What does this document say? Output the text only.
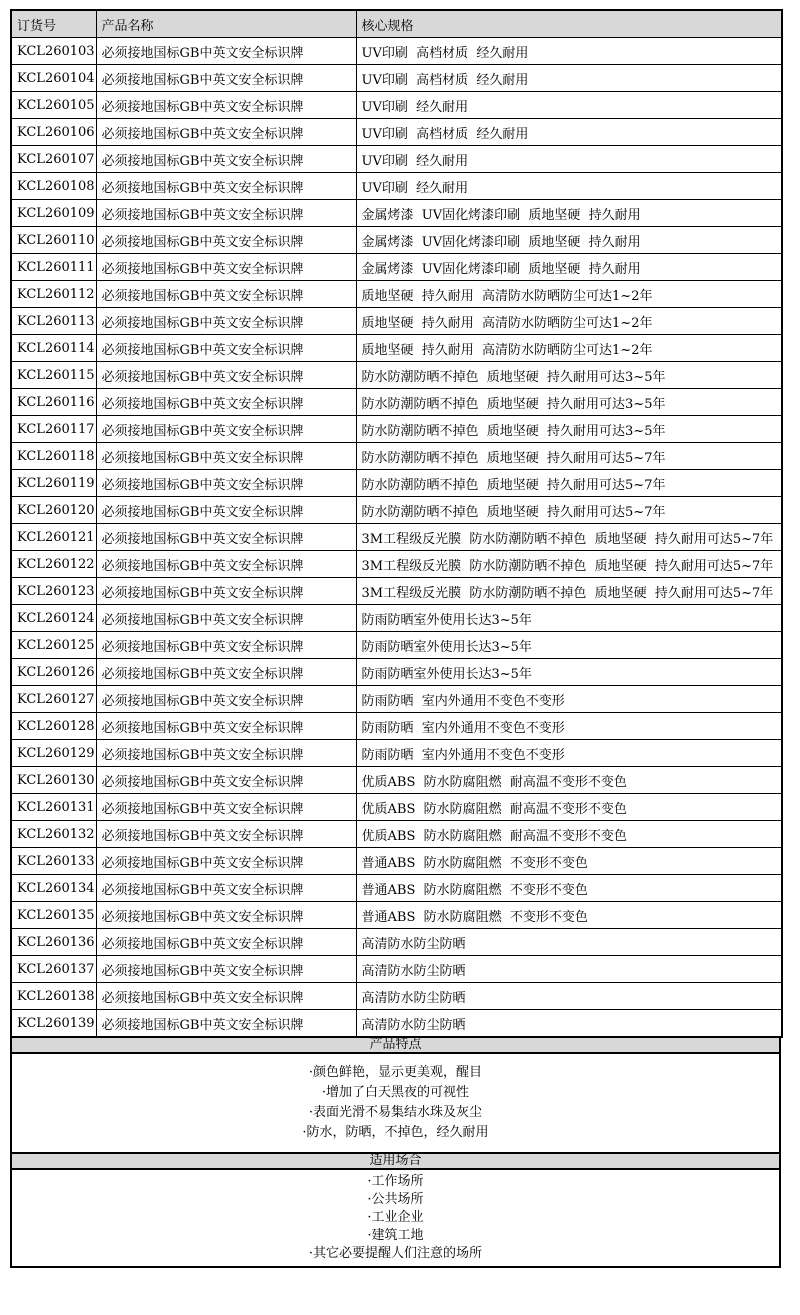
订货号	产品名称	核心规格
KCL260103	必须接地国标GB中英文安全标识牌	UV印刷  高档材质  经久耐用
KCL260104	必须接地国标GB中英文安全标识牌	UV印刷  高档材质  经久耐用
KCL260105	必须接地国标GB中英文安全标识牌	UV印刷  经久耐用
KCL260106	必须接地国标GB中英文安全标识牌	UV印刷  高档材质  经久耐用
KCL260107	必须接地国标GB中英文安全标识牌	UV印刷  经久耐用
KCL260108	必须接地国标GB中英文安全标识牌	UV印刷  经久耐用
KCL260109	必须接地国标GB中英文安全标识牌	金属烤漆  UV固化烤漆印刷  质地坚硬  持久耐用
KCL260110	必须接地国标GB中英文安全标识牌	金属烤漆  UV固化烤漆印刷  质地坚硬  持久耐用
KCL260111	必须接地国标GB中英文安全标识牌	金属烤漆  UV固化烤漆印刷  质地坚硬  持久耐用
KCL260112	必须接地国标GB中英文安全标识牌	质地坚硬  持久耐用  高清防水防晒防尘可达1~2年
KCL260113	必须接地国标GB中英文安全标识牌	质地坚硬  持久耐用  高清防水防晒防尘可达1~2年
KCL260114	必须接地国标GB中英文安全标识牌	质地坚硬  持久耐用  高清防水防晒防尘可达1~2年
KCL260115	必须接地国标GB中英文安全标识牌	防水防潮防晒不掉色  质地坚硬  持久耐用可达3~5年
KCL260116	必须接地国标GB中英文安全标识牌	防水防潮防晒不掉色  质地坚硬  持久耐用可达3~5年
KCL260117	必须接地国标GB中英文安全标识牌	防水防潮防晒不掉色  质地坚硬  持久耐用可达3~5年
KCL260118	必须接地国标GB中英文安全标识牌	防水防潮防晒不掉色  质地坚硬  持久耐用可达5~7年
KCL260119	必须接地国标GB中英文安全标识牌	防水防潮防晒不掉色  质地坚硬  持久耐用可达5~7年
KCL260120	必须接地国标GB中英文安全标识牌	防水防潮防晒不掉色  质地坚硬  持久耐用可达5~7年
KCL260121	必须接地国标GB中英文安全标识牌	3M工程级反光膜  防水防潮防晒不掉色  质地坚硬  持久耐用可达5~7年
KCL260122	必须接地国标GB中英文安全标识牌	3M工程级反光膜  防水防潮防晒不掉色  质地坚硬  持久耐用可达5~7年
KCL260123	必须接地国标GB中英文安全标识牌	3M工程级反光膜  防水防潮防晒不掉色  质地坚硬  持久耐用可达5~7年
KCL260124	必须接地国标GB中英文安全标识牌	防雨防晒室外使用长达3~5年
KCL260125	必须接地国标GB中英文安全标识牌	防雨防晒室外使用长达3~5年
KCL260126	必须接地国标GB中英文安全标识牌	防雨防晒室外使用长达3~5年
KCL260127	必须接地国标GB中英文安全标识牌	防雨防晒  室内外通用不变色不变形
KCL260128	必须接地国标GB中英文安全标识牌	防雨防晒  室内外通用不变色不变形
KCL260129	必须接地国标GB中英文安全标识牌	防雨防晒  室内外通用不变色不变形
KCL260130	必须接地国标GB中英文安全标识牌	优质ABS  防水防腐阻燃  耐高温不变形不变色
KCL260131	必须接地国标GB中英文安全标识牌	优质ABS  防水防腐阻燃  耐高温不变形不变色
KCL260132	必须接地国标GB中英文安全标识牌	优质ABS  防水防腐阻燃  耐高温不变形不变色
KCL260133	必须接地国标GB中英文安全标识牌	普通ABS  防水防腐阻燃  不变形不变色
KCL260134	必须接地国标GB中英文安全标识牌	普通ABS  防水防腐阻燃  不变形不变色
KCL260135	必须接地国标GB中英文安全标识牌	普通ABS  防水防腐阻燃  不变形不变色
KCL260136	必须接地国标GB中英文安全标识牌	高清防水防尘防晒
KCL260137	必须接地国标GB中英文安全标识牌	高清防水防尘防晒
KCL260138	必须接地国标GB中英文安全标识牌	高清防水防尘防晒
KCL260139	必须接地国标GB中英文安全标识牌	高清防水防尘防晒
产品特点
·颜色鲜艳，显示更美观，醒目
·增加了白天黑夜的可视性
·表面光滑不易集结水珠及灰尘
·防水，防晒，不掉色，经久耐用
适用场合
·工作场所
·公共场所
·工业企业
·建筑工地
·其它必要提醒人们注意的场所
